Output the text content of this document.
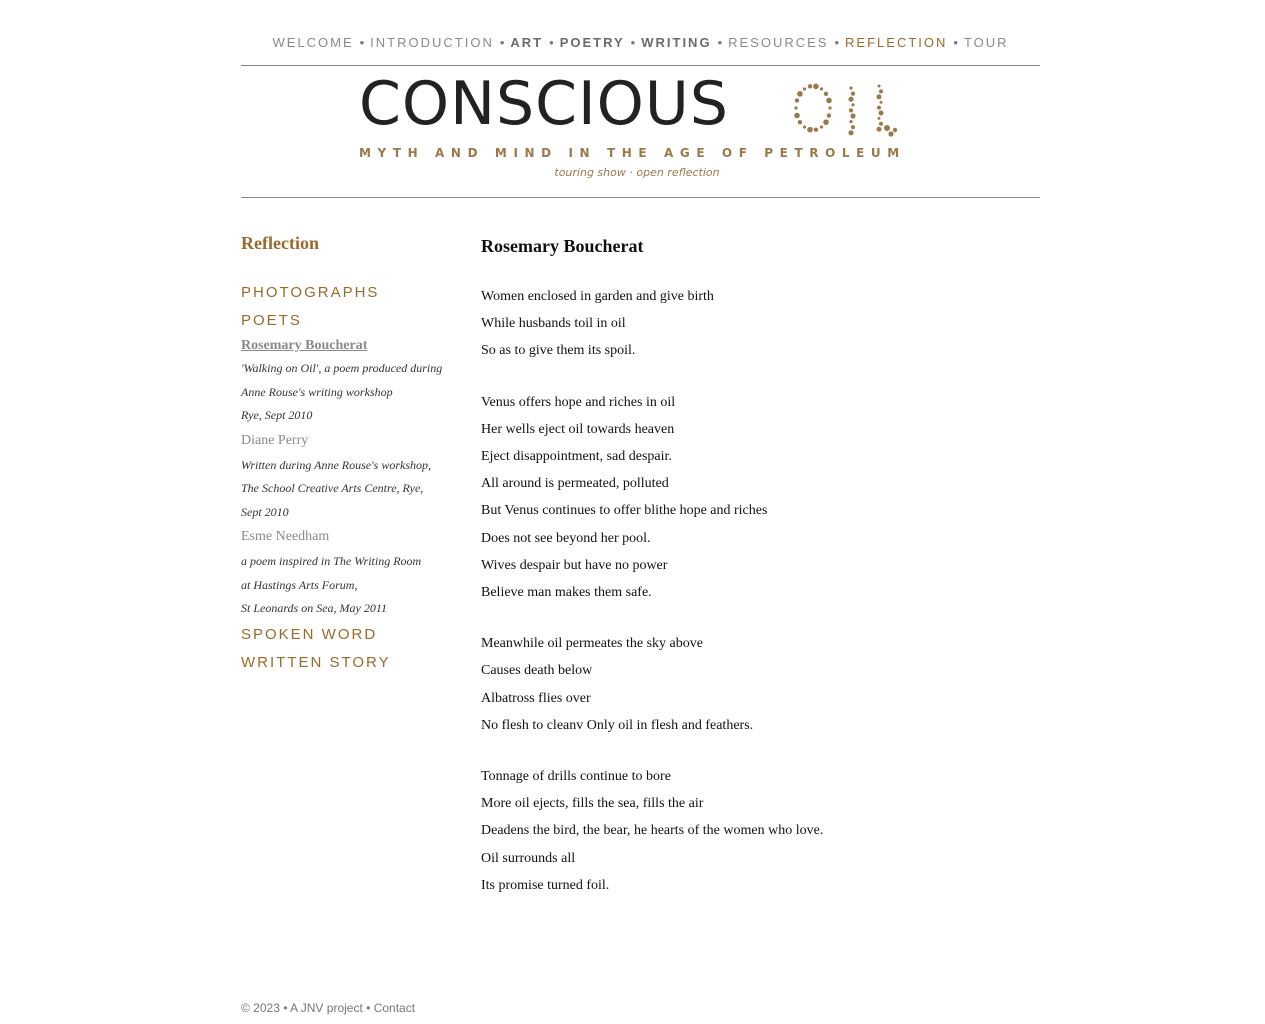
WELCOME • INTRODUCTION • ART • POETRY • WRITING • RESOURCES • REFLECTION • TOUR
CONSCIOUS
MYTH AND MIND IN THE AGE OF PETROLEUM
touring show · open reflection
Reflection
PHOTOGRAPHS
POETS
Rosemary Boucherat
'Walking on Oil', a poem produced during
Anne Rouse's writing workshop
Rye, Sept 2010
Diane Perry
Written during Anne Rouse's workshop,
The School Creative Arts Centre, Rye,
Sept 2010
Esme Needham
a poem inspired in The Writing Room
at Hastings Arts Forum,
St Leonards on Sea, May 2011
SPOKEN WORD
WRITTEN STORY
Rosemary Boucherat
Women enclosed in garden and give birth
While husbands toil in oil
So as to give them its spoil.
Venus offers hope and riches in oil
Her wells eject oil towards heaven
Eject disappointment, sad despair.
All around is permeated, polluted
But Venus continues to offer blithe hope and riches
Does not see beyond her pool.
Wives despair but have no power
Believe man makes them safe.
Meanwhile oil permeates the sky above
Causes death below
Albatross flies over
No flesh to cleanv Only oil in flesh and feathers.
Tonnage of drills continue to bore
More oil ejects, fills the sea, fills the air
Deadens the bird, the bear, he hearts of the women who love.
Oil surrounds all
Its promise turned foil.
© 2023 • A JNV project • Contact
